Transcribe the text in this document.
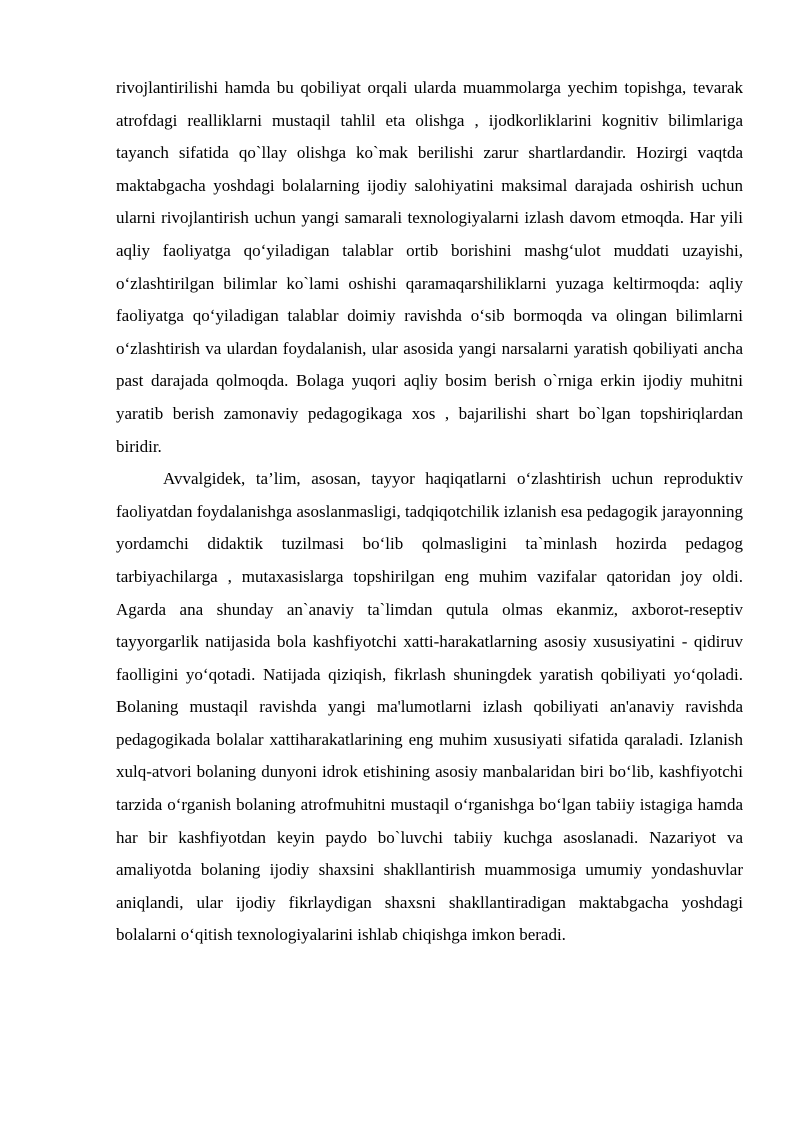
rivojlantirilishi hamda bu qobiliyat orqali ularda muammolarga yechim topishga, tevarak atrofdagi realliklarni mustaqil tahlil eta olishga , ijodkorliklarini kognitiv bilimlariga tayanch sifatida qo`llay olishga ko`mak berilishi zarur shartlardandir. Hozirgi vaqtda maktabgacha yoshdagi bolalarning ijodiy salohiyatini maksimal darajada oshirish uchun ularni rivojlantirish uchun yangi samarali texnologiyalarni izlash davom etmoqda. Har yili aqliy faoliyatga qo‘yiladigan talablar ortib borishini mashg‘ulot muddati uzayishi, o‘zlashtirilgan bilimlar ko`lami oshishi qaramaqarshiliklarni yuzaga keltirmoqda: aqliy faoliyatga qo‘yiladigan talablar doimiy ravishda o‘sib bormoqda va olingan bilimlarni o‘zlashtirish va ulardan foydalanish, ular asosida yangi narsalarni yaratish qobiliyati ancha past darajada qolmoqda. Bolaga yuqori aqliy bosim berish o`rniga erkin ijodiy muhitni yaratib berish zamonaviy pedagogikaga xos , bajarilishi shart bo`lgan topshiriqlardan biridir.

Avvalgidek, ta’lim, asosan, tayyor haqiqatlarni o‘zlashtirish uchun reproduktiv faoliyatdan foydalanishga asoslanmasligi, tadqiqotchilik izlanish esa pedagogik jarayonning yordamchi didaktik tuzilmasi bo‘lib qolmasligini ta`minlash hozirda pedagog tarbiyachilarga , mutaxasislarga topshirilgan eng muhim vazifalar qatoridan joy oldi. Agarda ana shunday an`anaviy ta`limdan qutula olmas ekanmiz, axborot-reseptiv tayyorgarlik natijasida bola kashfiyotchi xatti-harakatlarning asosiy xususiyatini - qidiruv faolligini yo‘qotadi. Natijada qiziqish, fikrlash shuningdek yaratish qobiliyati yo‘qoladi. Bolaning mustaqil ravishda yangi ma'lumotlarni izlash qobiliyati an'anaviy ravishda pedagogikada bolalar xattiharakatlarining eng muhim xususiyati sifatida qaraladi. Izlanish xulq-atvori bolaning dunyoni idrok etishining asosiy manbalaridan biri bo‘lib, kashfiyotchi tarzida o‘rganish bolaning atrofmuhitni mustaqil o‘rganishga bo‘lgan tabiiy istagiga hamda har bir kashfiyotdan keyin paydo bo`luvchi tabiiy kuchga asoslanadi. Nazariyot va amaliyotda bolaning ijodiy shaxsini shakllantirish muammosiga umumiy yondashuvlar aniqlandi, ular ijodiy fikrlaydigan shaxsni shakllantiradigan maktabgacha yoshdagi bolalarni o‘qitish texnologiyalarini ishlab chiqishga imkon beradi.
